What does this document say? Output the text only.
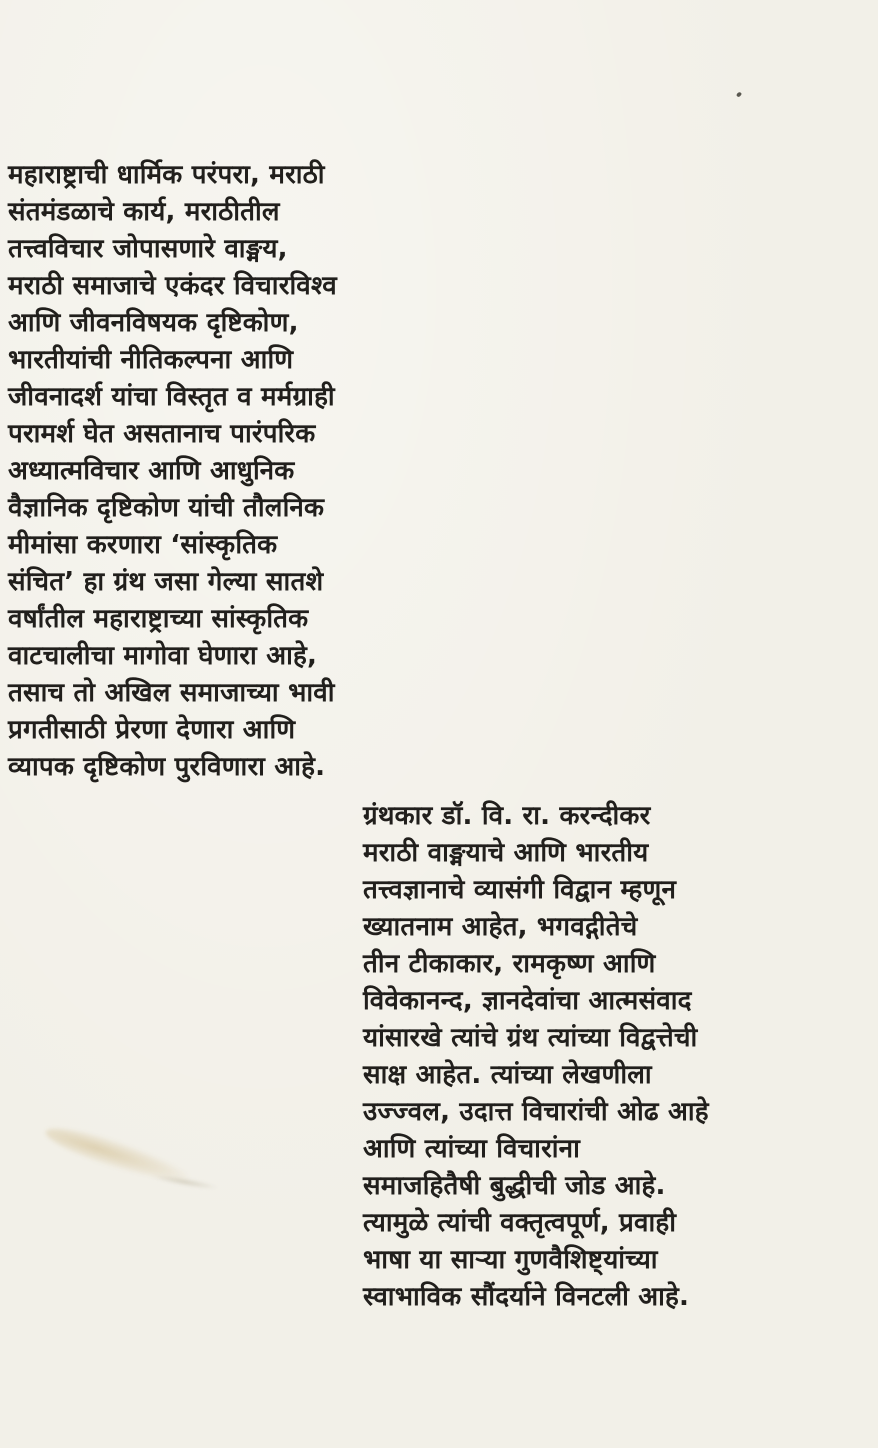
महाराष्ट्राची धार्मिक परंपरा, मराठी
संतमंडळाचे कार्य, मराठीतील
तत्त्वविचार जोपासणारे वाङ्मय,
मराठी समाजाचे एकंदर विचारविश्व
आणि जीवनविषयक दृष्टिकोण,
भारतीयांची नीतिकल्पना आणि
जीवनादर्श यांचा विस्तृत व मर्मग्राही
परामर्श घेत असतानाच पारंपरिक
अध्यात्मविचार आणि आधुनिक
वैज्ञानिक दृष्टिकोण यांची तौलनिक
मीमांसा करणारा ‘सांस्कृतिक
संचित’ हा ग्रंथ जसा गेल्या सातशे
वर्षांतील महाराष्ट्राच्या सांस्कृतिक
वाटचालीचा मागोवा घेणारा आहे,
तसाच तो अखिल समाजाच्या भावी
प्रगतीसाठी प्रेरणा देणारा आणि
व्यापक दृष्टिकोण पुरविणारा आहे.
ग्रंथकार डॉ. वि. रा. करन्दीकर
मराठी वाङ्मयाचे आणि भारतीय
तत्त्वज्ञानाचे व्यासंगी विद्वान म्हणून
ख्यातनाम आहेत, भगवद्गीतेचे
तीन टीकाकार, रामकृष्ण आणि
विवेकानन्द, ज्ञानदेवांचा आत्मसंवाद
यांसारखे त्यांचे ग्रंथ त्यांच्या विद्वत्तेची
साक्ष आहेत. त्यांच्या लेखणीला
उज्ज्वल, उदात्त विचारांची ओढ आहे
आणि त्यांच्या विचारांना
समाजहितैषी बुद्धीची जोड आहे.
त्यामुळे त्यांची वक्तृत्वपूर्ण, प्रवाही
भाषा या साऱ्या गुणवैशिष्ट्यांच्या
स्वाभाविक सौंदर्याने विनटली आहे.
